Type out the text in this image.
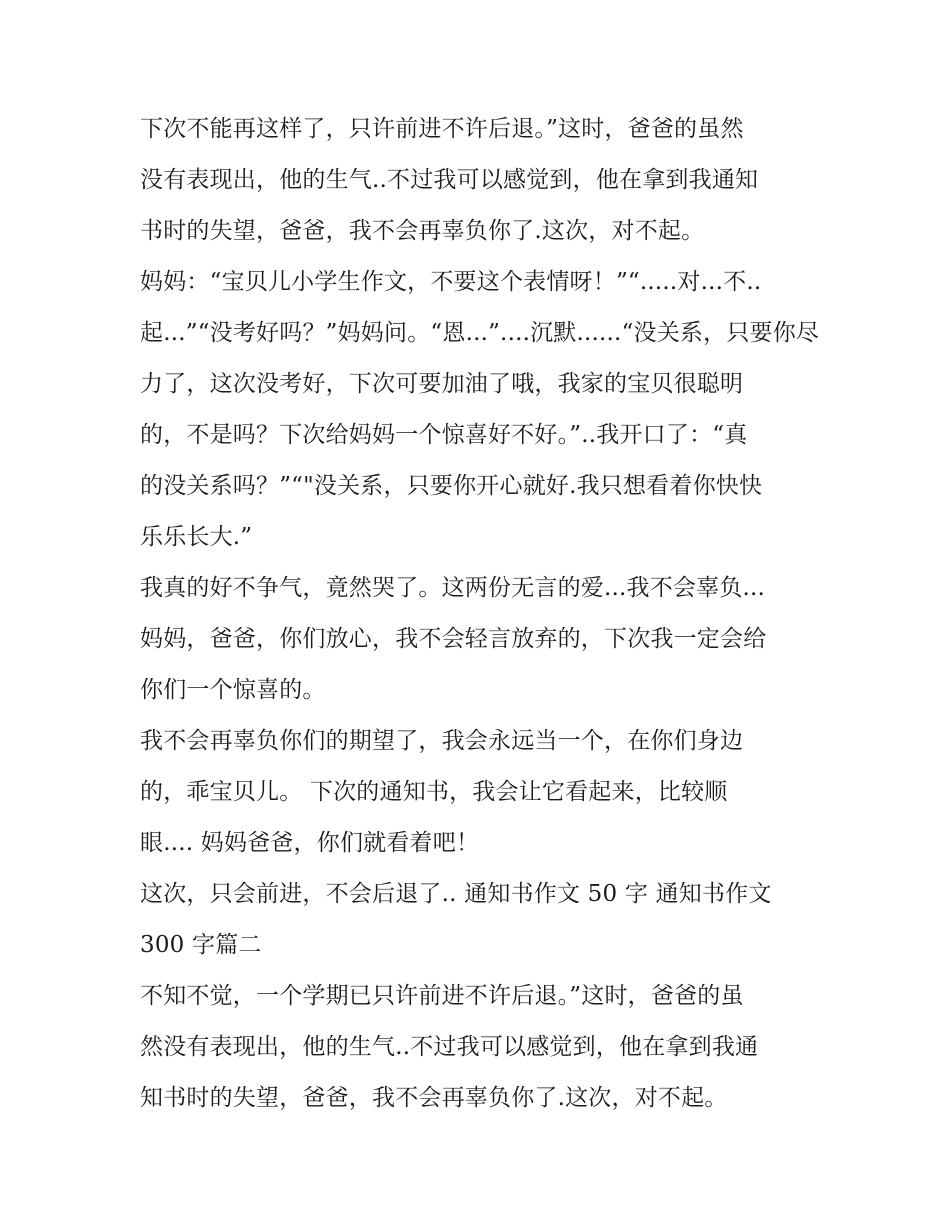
下次不能再这样了，只许前进不许后退。”这时，爸爸的虽然
没有表现出，他的生气..不过我可以感觉到，他在拿到我通知
书时的失望，爸爸，我不会再辜负你了.这次，对不起。
妈妈：“宝贝儿小学生作文，不要这个表情呀！”“.....对...不..
起...”“没考好吗？”妈妈问。“恩...”....沉默......“没关系，只要你尽
力了，这次没考好，下次可要加油了哦，我家的宝贝很聪明
的，不是吗？下次给妈妈一个惊喜好不好。”..我开口了：“真
的没关系吗？”“"没关系，只要你开心就好.我只想看着你快快
乐乐长大.”
我真的好不争气，竟然哭了。这两份无言的爱...我不会辜负...
妈妈，爸爸，你们放心，我不会轻言放弃的，下次我一定会给
你们一个惊喜的。
我不会再辜负你们的期望了，我会永远当一个，在你们身边
的，乖宝贝儿。 下次的通知书，我会让它看起来，比较顺
眼.... 妈妈爸爸，你们就看着吧！
这次，只会前进，不会后退了.. 通知书作文 50 字 通知书作文
300 字篇二
不知不觉，一个学期已只许前进不许后退。”这时，爸爸的虽
然没有表现出，他的生气..不过我可以感觉到，他在拿到我通
知书时的失望，爸爸，我不会再辜负你了.这次，对不起。
